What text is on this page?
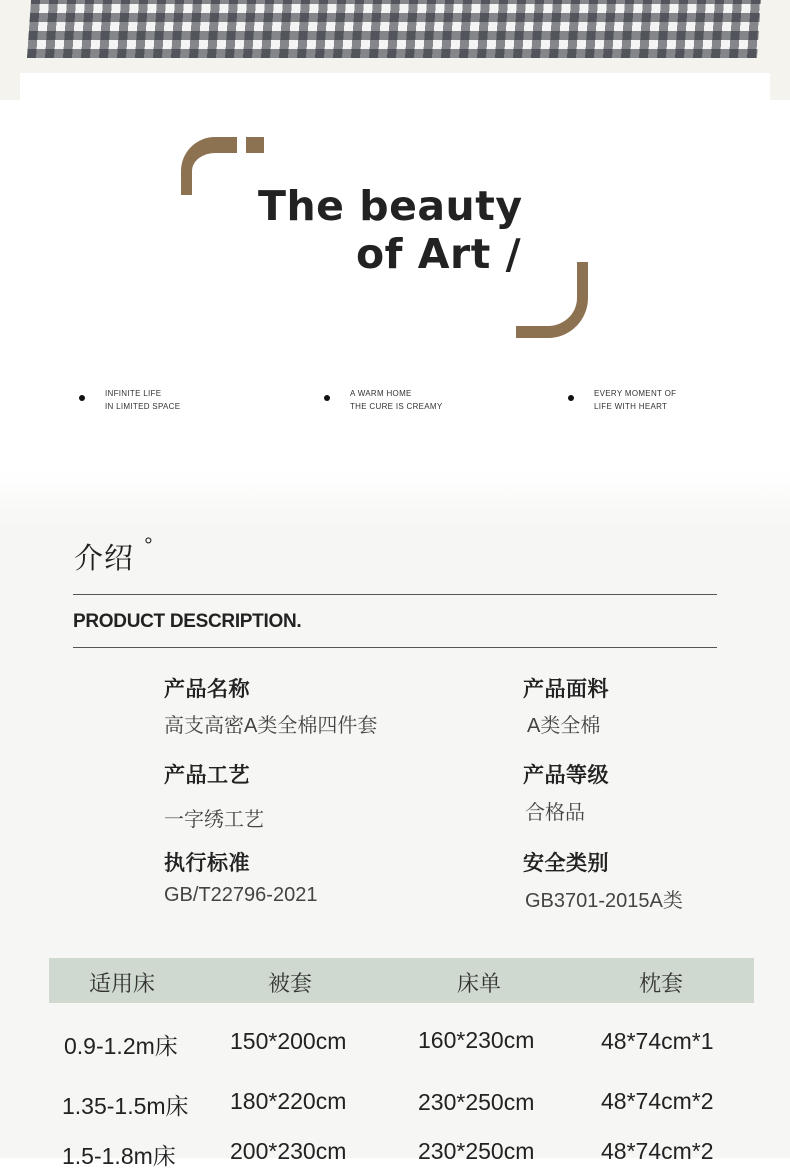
The beauty
of Art /
INFINITE LIFE
IN LIMITED SPACE
A WARM HOME
THE CURE IS CREAMY
EVERY MOMENT OF
LIFE WITH HEART
介绍 °
PRODUCT DESCRIPTION.
产品名称
高支高密A类全棉四件套
产品面料
A类全棉
产品工艺
一字绣工艺
产品等级
合格品
执行标准
GB/T22796-2021
安全类别
GB3701-2015A类
适用床	被套	床单	枕套
0.9-1.2m床 150*200cm	160*230cm	48*74cm*1
1.35-1.5m床 180*220cm	230*250cm	48*74cm*2
1.5-1.8m床 200*230cm	230*250cm	48*74cm*2
